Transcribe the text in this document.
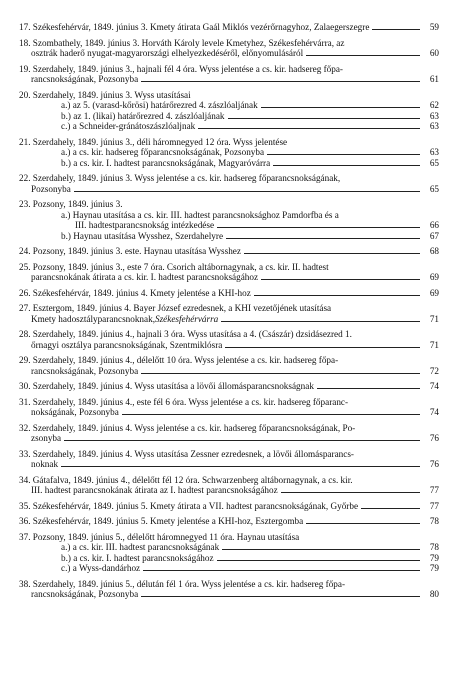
17. Székesfehérvár, 1849. június 3. Kmety átirata Gaál Miklós vezérőrnagyhoz, Zalaegerszegre	59
18. Szombathely, 1849. június 3. Horváth Károly levele Kmetyhez, Székesfehérvárra, az
osztrák haderő nyugat-magyarországi elhelyezkedéséről, előnyomulásáról	60
19. Szerdahely, 1849. június 3., hajnali fél 4 óra. Wyss jelentése a cs. kir. hadsereg főpa-
rancsnokságának, Pozsonyba	61
20. Szerdahely, 1849. június 3. Wyss utasításai
a.) az 5. (varasd-kőrösi) határőrezred 4. zászlóaljának	62
b.) az 1. (likai) határőrezred 4. zászlóaljának	63
c.) a Schneider-gránátoszászlóaljnak	63
21. Szerdahely, 1849. június 3., déli háromnegyed 12 óra. Wyss jelentése
a.) a cs. kir. hadsereg főparancsnokságának, Pozsonyba	63
b.) a cs. kir. I. hadtest parancsnokságának, Magyaróvárra	65
22. Szerdahely, 1849. június 3. Wyss jelentése a cs. kir. hadsereg főparancsnokságának,
Pozsonyba	65
23. Pozsony, 1849. június 3.
a.) Haynau utasítása a cs. kir. III. hadtest parancsnoksághoz Pamdorfba és a
III. hadtestparancsnokság intézkedése	66
b.) Haynau utasítása Wysshez, Szerdahelyre	67
24. Pozsony, 1849. június 3. este. Haynau utasítása Wysshez	68
25. Pozsony, 1849. június 3., este 7 óra. Csorich altábornagynak, a cs. kir. II. hadtest
parancsnokának átirata a cs. kir. I. hadtest parancsnokságához	69
26. Székesfehérvár, 1849. június 4. Kmety jelentése a KHI-hoz	69
27. Esztergom, 1849. június 4. Bayer József ezredesnek, a KHI vezetőjének utasítása
Kmety hadosztályparancsnoknak, Székesfehérvárra	71
28. Szerdahely, 1849. június 4., hajnali 3 óra. Wyss utasítása a 4. (Császár) dzsidásezred 1.
őrnagyi osztálya parancsnokságának, Szentmiklósra	71
29. Szerdahely, 1849. június 4., délelőtt 10 óra. Wyss jelentése a cs. kir. hadsereg főpa-
rancsnokságának, Pozsonyba	72
30. Szerdahely, 1849. június 4. Wyss utasítása a lövői állomásparancsnokságnak	74
31. Szerdahely, 1849. június 4., este fél 6 óra. Wyss jelentése a cs. kir. hadsereg főparanc-
nokságának, Pozsonyba	74
32. Szerdahely, 1849. június 4. Wyss jelentése a cs. kir. hadsereg főparancsnokságának, Po-
zsonyba	76
33. Szerdahely, 1849. június 4. Wyss utasítása Zessner ezredesnek, a lövői állomásparancs-
noknak	76
34. Gátafalva, 1849. június 4., délelőtt fél 12 óra. Schwarzenberg altábornagynak, a cs. kir.
III. hadtest parancsnokának átirata az I. hadtest parancsnokságához	77
35. Székesfehérvár, 1849. június 5. Kmety átirata a VII. hadtest parancsnokságának, Győrbe	77
36. Székesfehérvár, 1849. június 5. Kmety jelentése a KHI-hoz, Esztergomba	78
37. Pozsony, 1849. június 5., délelőtt háromnegyed 11 óra. Haynau utasítása
a.) a cs. kir. III. hadtest parancsnokságának	78
b.) a cs. kir. I. hadtest parancsnokságához	79
c.) a Wyss-dandárhoz	79
38. Szerdahely, 1849. június 5., délután fél 1 óra. Wyss jelentése a cs. kir. hadsereg főpa-
rancsnokságának, Pozsonyba	80
